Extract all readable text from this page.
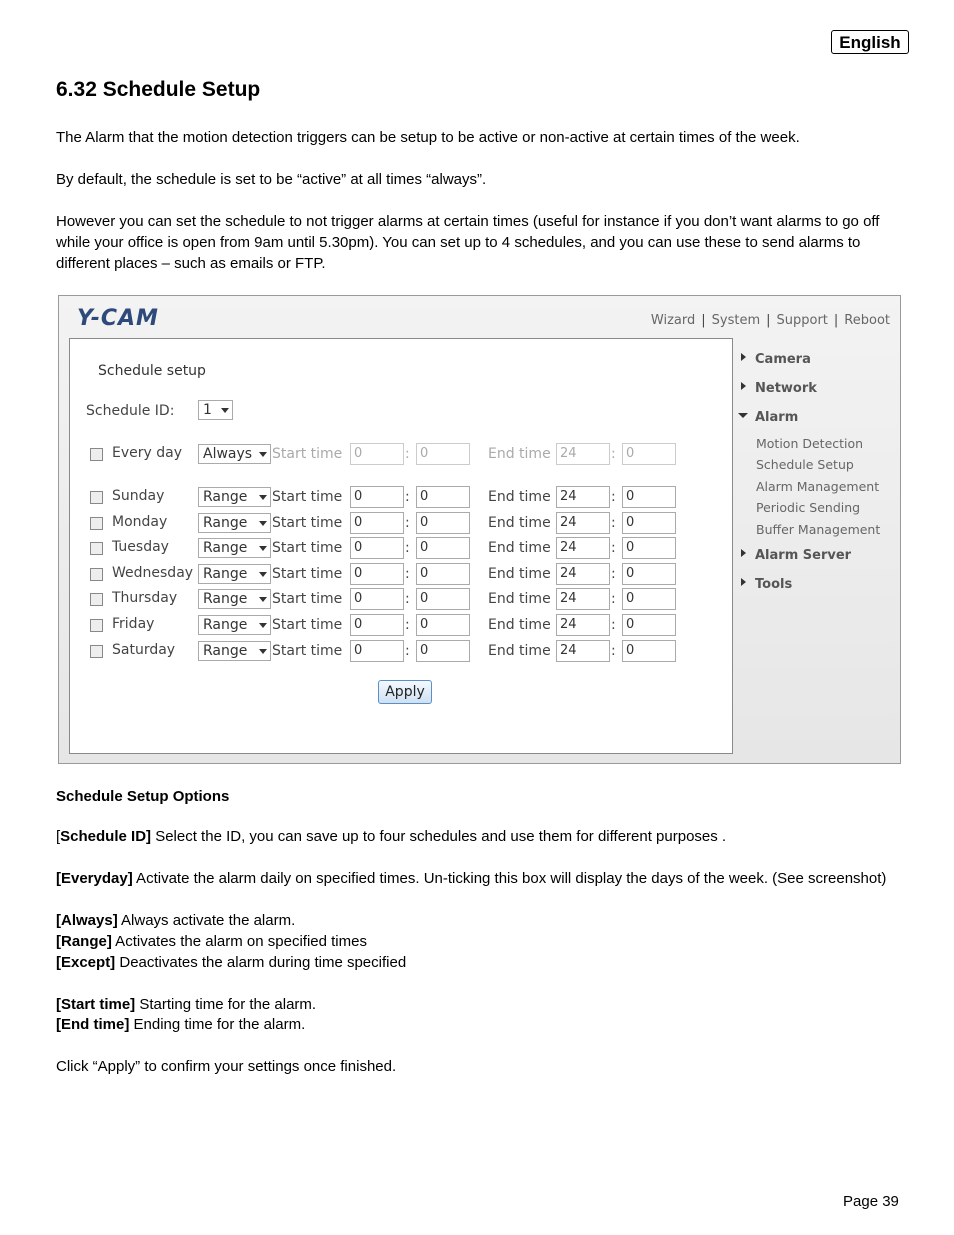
English
6.32 Schedule Setup
The Alarm that the motion detection triggers can be setup to be active or non-active at certain times of the week.
By default, the schedule is set to be “active” at all times “always”.
However you can set the schedule to not trigger alarms at certain times (useful for instance if you don’t want alarms to go off while your office is open from 9am until 5.30pm). You can set up to 4 schedules, and you can use these to send alarms to different places – such as emails or FTP.
Y-CAM	Wizard | System | Support | Reboot
Schedule setup
Schedule ID:	1
Every day	Always	Start time 0	: 0	End time 24	: 0
Sunday	Range	Start time 0	: 0	End time 24	: 0
Monday	Range	Start time 0	: 0	End time 24	: 0
Tuesday	Range	Start time 0	: 0	End time 24	: 0
Wednesday Range	Start time 0	: 0	End time 24	: 0
Thursday	Range	Start time 0	: 0	End time 24	: 0
Friday	Range	Start time 0	: 0	End time 24	: 0
Saturday	Range	Start time 0	: 0	End time 24	: 0
Apply
Camera
Network
Alarm
Motion Detection
Schedule Setup
Alarm Management
Periodic Sending
Buffer Management
Alarm Server
Tools
Schedule Setup Options
[Schedule ID] Select the ID, you can save up to four schedules and use them for different purposes .
[Everyday] Activate the alarm daily on specified times. Un-ticking this box will display the days of the week. (See screenshot)
[Always] Always activate the alarm.
[Range] Activates the alarm on specified times
[Except] Deactivates the alarm during time specified
[Start time] Starting time for the alarm.
[End time] Ending time for the alarm.
Click “Apply” to confirm your settings once finished.
Page 39
